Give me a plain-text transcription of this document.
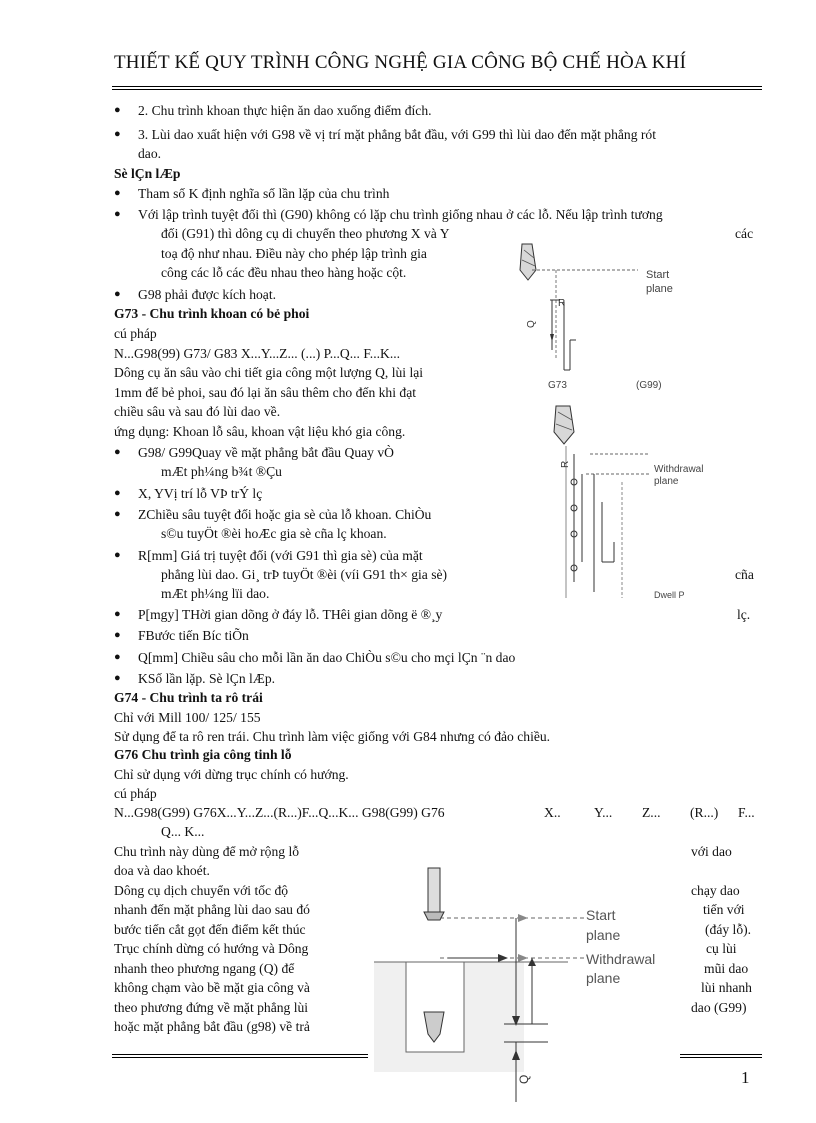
THIẾT KẾ QUY TRÌNH CÔNG NGHỆ GIA CÔNG BỘ CHẾ HÒA KHÍ
● 2. Chu trình khoan thực hiện ăn dao xuống điểm đích.
● 3. Lùi dao xuất hiện với G98 về vị trí mặt phẳng bắt đầu, với G99 thì lùi dao đến mặt phẳng rót
dao.
Sè lÇn lÆp
● Tham số K định nghĩa số lần lặp của chu trình
● Với lập trình tuyệt đối thì (G90) không có lặp chu trình giống nhau ở các lỗ. Nếu lập trình tương
đối (G91) thì dông cụ di chuyển theo phương X và Y	các
toạ độ như nhau. Điều này cho phép lập trình gia
công các lỗ các đều nhau theo hàng hoặc cột.
● G98 phải được kích hoạt.
G73 - Chu trình khoan có bẻ phoi
cú pháp
N...G98(99) G73/ G83 X...Y...Z... (...) P...Q... F...K...
Dông cụ ăn sâu vào chi tiết gia công một lượng Q, lùi lại
1mm để bẻ phoi, sau đó lại ăn sâu thêm cho đến khi đạt
chiều sâu và sau đó lùi dao về.
ứng dụng: Khoan lỗ sâu, khoan vật liệu khó gia công.
● G98/ G99Quay về mặt phẳng bắt đầu Quay vÒ
mÆt ph¼ng b¾t ®Çu
● X, YVị trí lỗ VÞ trÝ lç
● ZChiều sâu tuyệt đối hoặc gia sè của lỗ khoan. ChiÒu
s©u tuyÖt ®èi hoÆc gia sè cña lç khoan.
● R[mm] Giá trị tuyệt đối (với G91 thì gia sè) của mặt
phẳng lùi dao. Gi¸ trÞ tuyÖt ®èi (víi G91 th× gia sè)	cña
mÆt ph¼ng lïi dao.
● P[mgy] THời gian dõng ở đáy lỗ. THêi gian dõng ë ®¸y	lç.
● FBước tiến Bíc tiÕn
● Q[mm] Chiều sâu cho mỗi lần ăn dao ChiÒu s©u cho mçi lÇn ¨n dao
● KSố lần lặp. Sè lÇn lÆp.
G74 - Chu trình ta rô trái
Chỉ với Mill 100/ 125/ 155
Sử dụng để ta rô ren trái. Chu trình làm việc giống với G84 nhưng có đảo chiều.
G76 Chu trình gia công tinh lỗ
Chỉ sử dụng với dừng trục chính có hướng.
cú pháp
N...G98(G99) G76X...Y...Z...(R...)F...Q...K... G98(G99) G76	X.. Y... Z... (R...) F...
Q... K...
Chu trình này dùng để mở rộng lỗ
doa và dao khoét.
Dông cụ dịch chuyển với tốc độ
nhanh đến mặt phẳng lùi dao sau đó
bước tiến cắt gọt đến điểm kết thúc
Trục chính dừng có hướng và Dông
nhanh theo phương ngang (Q) để
không chạm vào bề mặt gia công và
theo phương đứng về mặt phẳng lùi
hoặc mặt phẳng bắt đầu (g98) về trả
với dao
chạy dao
tiến với
(đáy lỗ).
cụ lùi
mũi dao
lùi nhanh
dao (G99)
Start
plane
R
Q
G73	(G99)
Withdrawal
plane
R
Dwell P
Start
plane
Withdrawal
plane
Q	1
